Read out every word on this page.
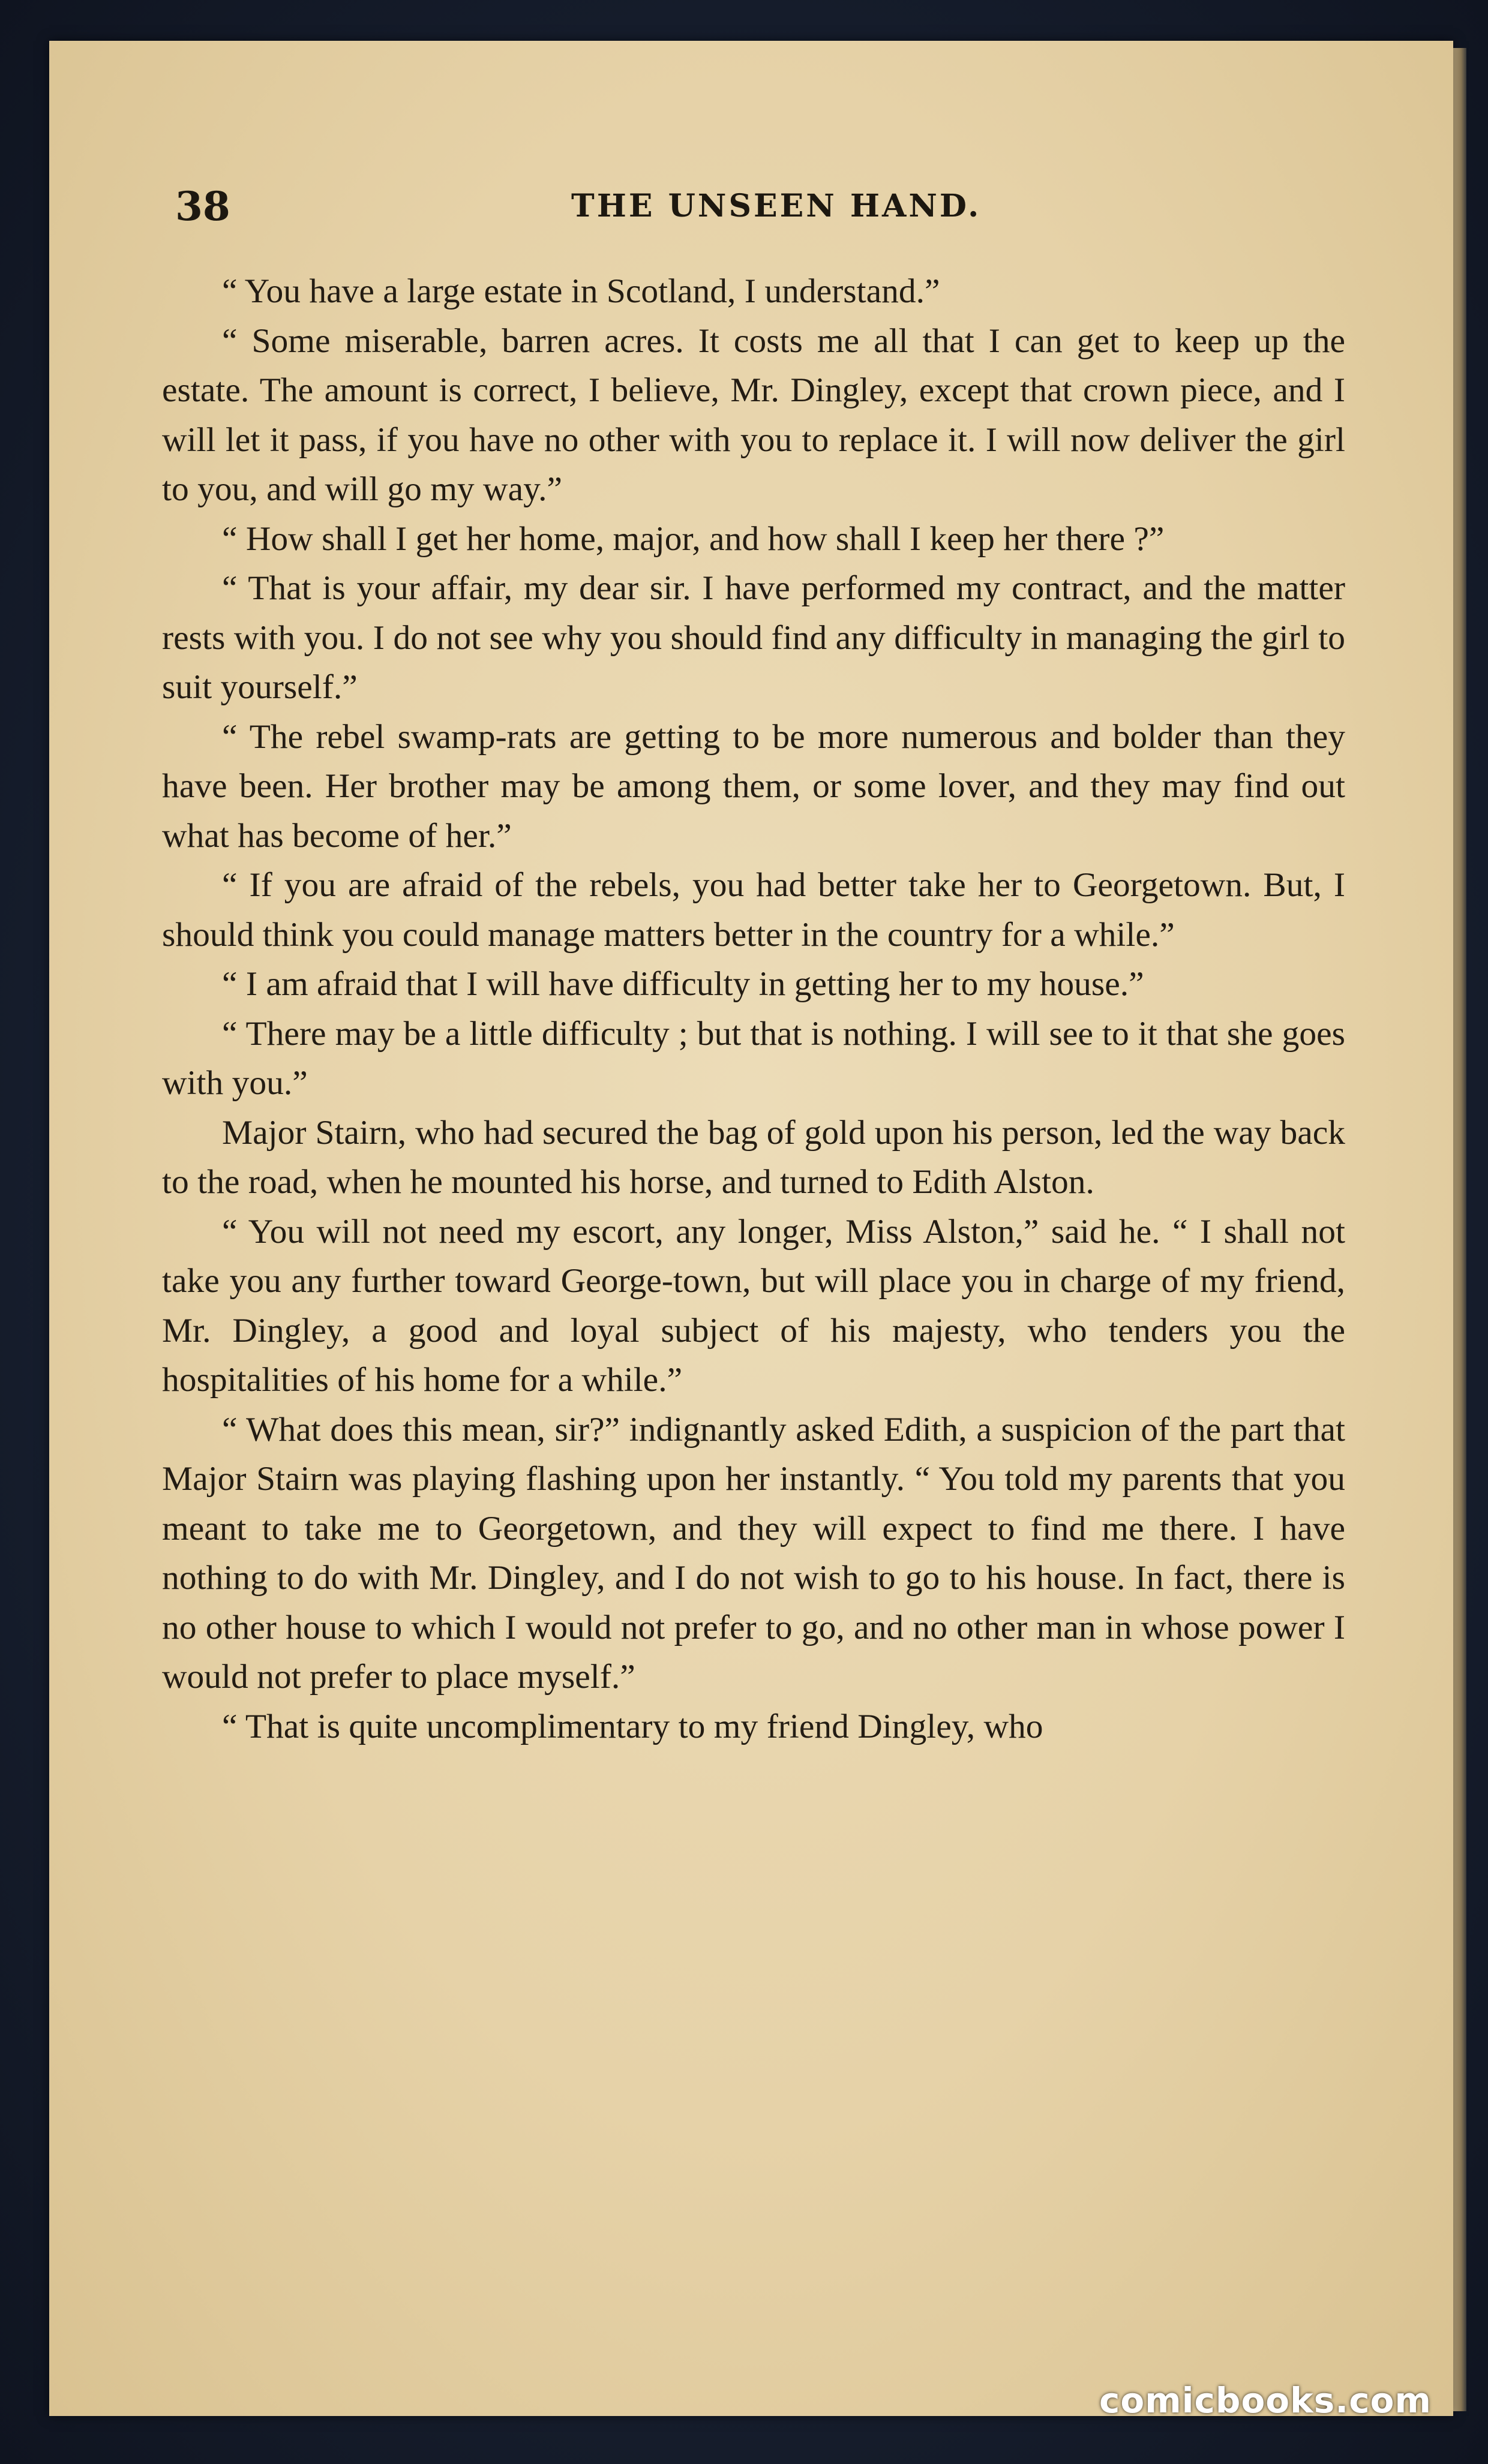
38	THE UNSEEN HAND.

“ You have a large estate in Scotland, I understand.”

“ Some miserable, barren acres. It costs me all that I can get to keep up the estate. The amount is correct, I believe, Mr. Dingley, except that crown piece, and I will let it pass, if you have no other with you to replace it. I will now deliver the girl to you, and will go my way.”

“ How shall I get her home, major, and how shall I keep her there ?”

“ That is your affair, my dear sir. I have performed my contract, and the matter rests with you. I do not see why you should find any difficulty in managing the girl to suit yourself.”

“ The rebel swamp-rats are getting to be more numerous and bolder than they have been. Her brother may be among them, or some lover, and they may find out what has become of her.”

“ If you are afraid of the rebels, you had better take her to Georgetown. But, I should think you could manage matters better in the country for a while.”

“ I am afraid that I will have difficulty in getting her to my house.”

“ There may be a little difficulty ; but that is nothing. I will see to it that she goes with you.”

Major Stairn, who had secured the bag of gold upon his person, led the way back to the road, when he mounted his horse, and turned to Edith Alston.

“ You will not need my escort, any longer, Miss Alston,” said he. “ I shall not take you any further toward George-town, but will place you in charge of my friend, Mr. Dingley, a good and loyal subject of his majesty, who tenders you the hospitalities of his home for a while.”

“ What does this mean, sir?” indignantly asked Edith, a suspicion of the part that Major Stairn was playing flashing upon her instantly. “ You told my parents that you meant to take me to Georgetown, and they will expect to find me there. I have nothing to do with Mr. Dingley, and I do not wish to go to his house. In fact, there is no other house to which I would not prefer to go, and no other man in whose power I would not prefer to place myself.”

“ That is quite uncomplimentary to my friend Dingley, who

comicbooks.com
